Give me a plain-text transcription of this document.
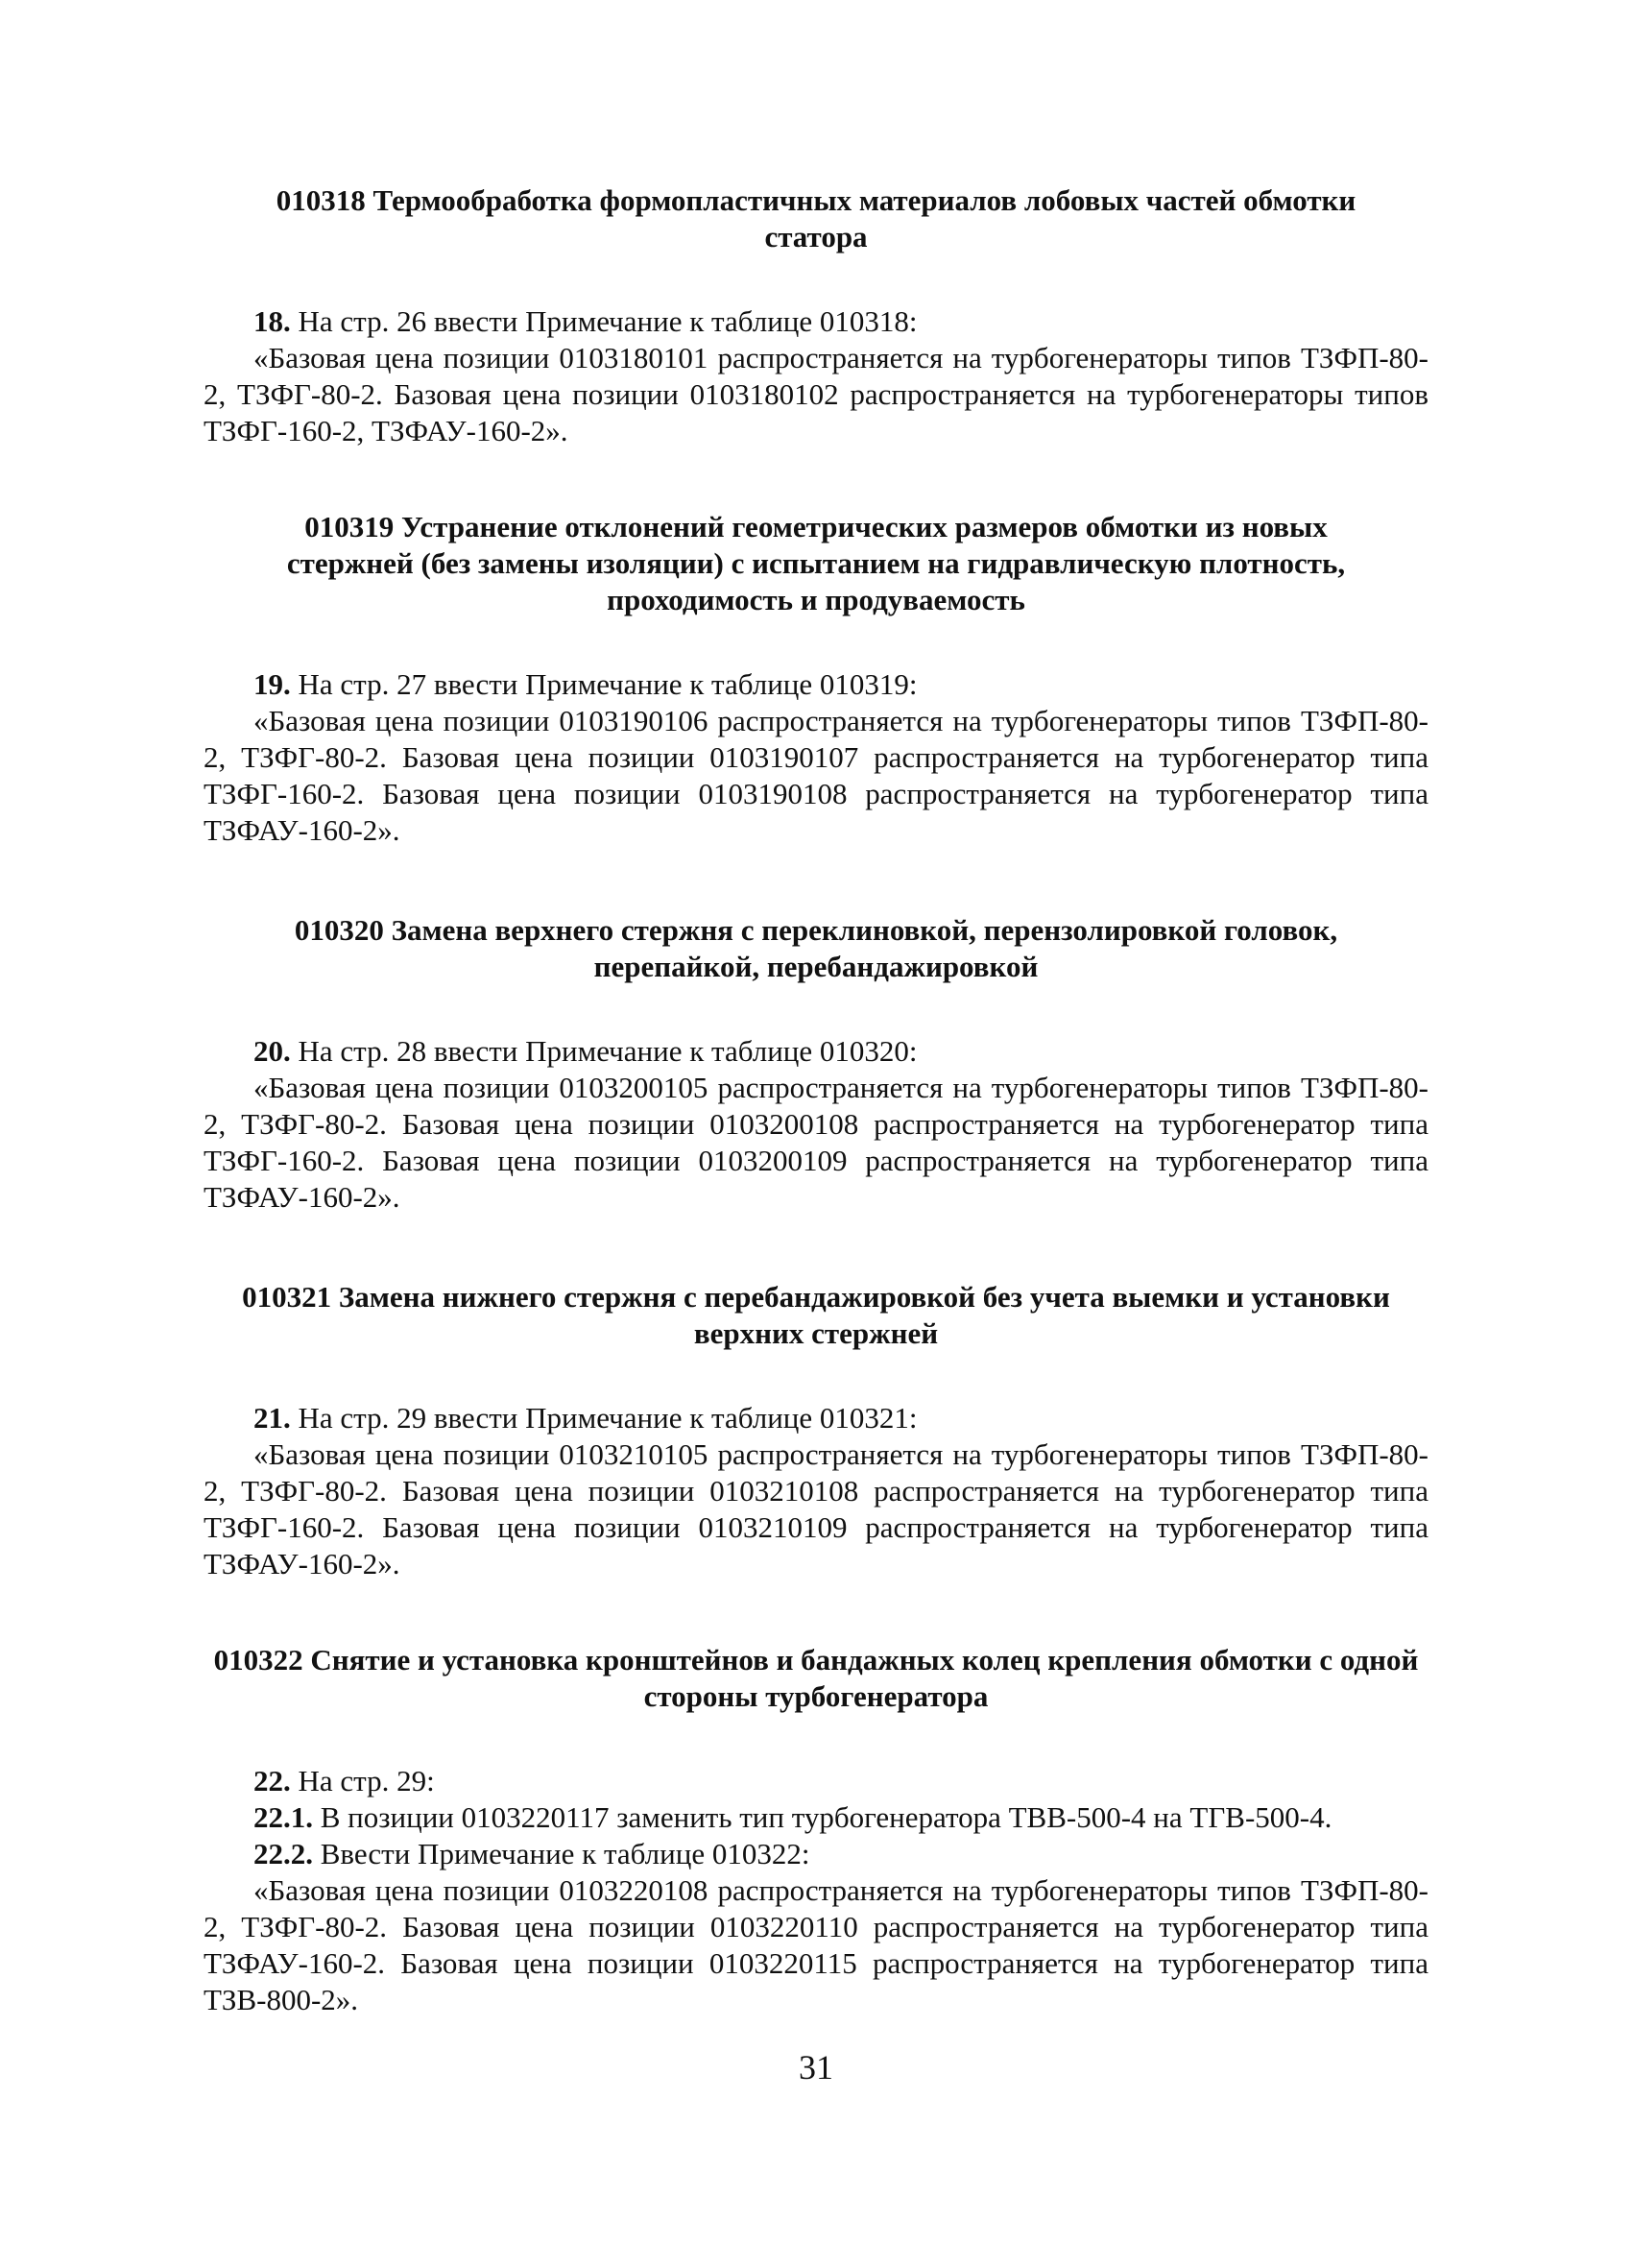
010318 Термообработка формопластичных материалов лобовых частей обмотки статора

18. На стр. 26 ввести Примечание к таблице 010318:

«Базовая цена позиции 0103180101 распространяется на турбогенераторы типов ТЗФП-80-2, ТЗФГ-80-2. Базовая цена позиции 0103180102 распространяется на турбогенераторы типов ТЗФГ-160-2, ТЗФАУ-160-2».

010319 Устранение отклонений геометрических размеров обмотки из новых стержней (без замены изоляции) с испытанием на гидравлическую плотность, проходимость и продуваемость

19. На стр. 27 ввести Примечание к таблице 010319:

«Базовая цена позиции 0103190106 распространяется на турбогенераторы типов ТЗФП-80-2, ТЗФГ-80-2. Базовая цена позиции 0103190107 распространяется на турбогенератор типа ТЗФГ-160-2. Базовая цена позиции 0103190108 распространяется на турбогенератор типа ТЗФАУ-160-2».

010320 Замена верхнего стержня с переклиновкой, перензолировкой головок, перепайкой, перебандажировкой

20. На стр. 28 ввести Примечание к таблице 010320:

«Базовая цена позиции 0103200105 распространяется на турбогенераторы типов ТЗФП-80-2, ТЗФГ-80-2. Базовая цена позиции 0103200108 распространяется на турбогенератор типа ТЗФГ-160-2. Базовая цена позиции 0103200109 распространяется на турбогенератор типа ТЗФАУ-160-2».

010321 Замена нижнего стержня с перебандажировкой без учета выемки и установки верхних стержней

21. На стр. 29 ввести Примечание к таблице 010321:

«Базовая цена позиции 0103210105 распространяется на турбогенераторы типов ТЗФП-80-2, ТЗФГ-80-2. Базовая цена позиции 0103210108 распространяется на турбогенератор типа ТЗФГ-160-2. Базовая цена позиции 0103210109 распространяется на турбогенератор типа ТЗФАУ-160-2».

010322 Снятие и установка кронштейнов и бандажных колец крепления обмотки с одной стороны турбогенератора

22. На стр. 29:

22.1. В позиции 0103220117 заменить тип турбогенератора ТВВ-500-4 на ТГВ-500-4.

22.2. Ввести Примечание к таблице 010322:

«Базовая цена позиции 0103220108 распространяется на турбогенераторы типов ТЗФП-80-2, ТЗФГ-80-2. Базовая цена позиции 0103220110 распространяется на турбогенератор типа ТЗФАУ-160-2. Базовая цена позиции 0103220115 распространяется на турбогенератор типа ТЗВ-800-2».

31
